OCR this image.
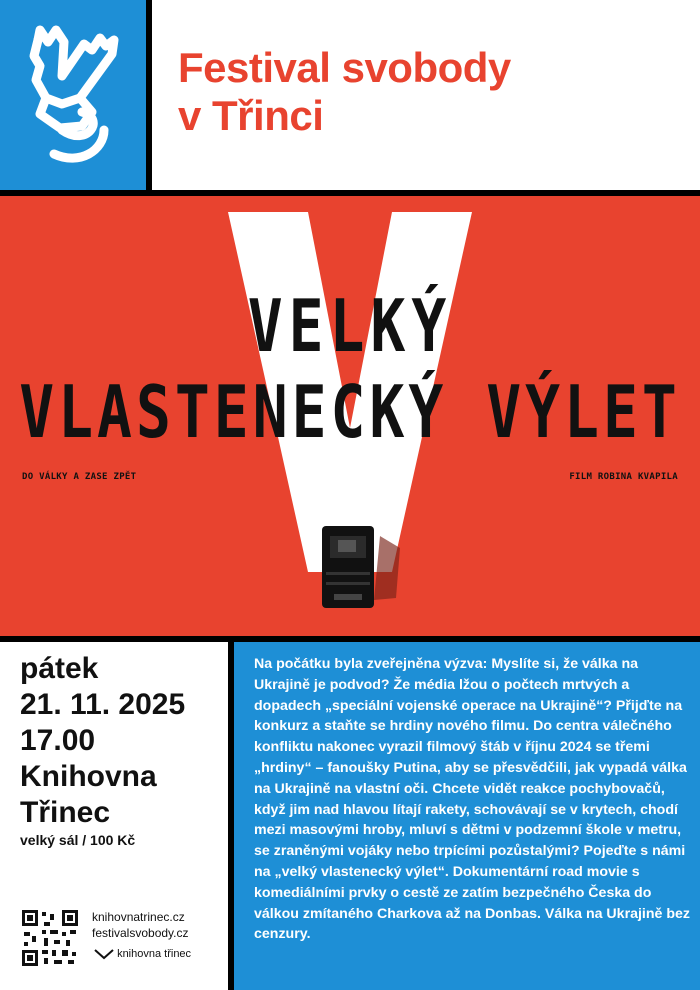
Festival svobody
v Třinci
VELKÝ
VLASTENECKÝ VÝLET
DO VÁLKY A ZASE ZPĚT	FILM ROBINA KVAPILA

pátek

21. 11. 2025

17.00

Knihovna

Třinec

velký sál / 100 Kč

knihovnatrinec.cz

festivalsvobody.cz

knihovna třinec

Na počátku byla zveřejněna výzva: Myslíte si, že válka na Ukrajině je podvod? Že média lžou o počtech mrtvých a dopadech „speciální vojenské operace na Ukrajině“? Přijďte na konkurz a staňte se hrdiny nového filmu. Do centra válečného konfliktu nakonec vyrazil filmový štáb v říjnu 2024 se třemi „hrdiny“ – fanoušky Putina, aby se přesvědčili, jak vypadá válka na Ukrajině na vlastní oči. Chcete vidět reakce pochybovačů, když jim nad hlavou lítají rakety, schovávají se v krytech, chodí mezi masovými hroby, mluví s dětmi v podzemní škole v metru, se zraněnými vojáky nebo trpícími pozůstalými? Pojeďte s námi na „velký vlastenecký výlet“. Dokumentární road movie s komediálními prvky o cestě ze zatím bezpečného Česka do válkou zmítaného Charkova až na Donbas. Válka na Ukrajině bez cenzury.
